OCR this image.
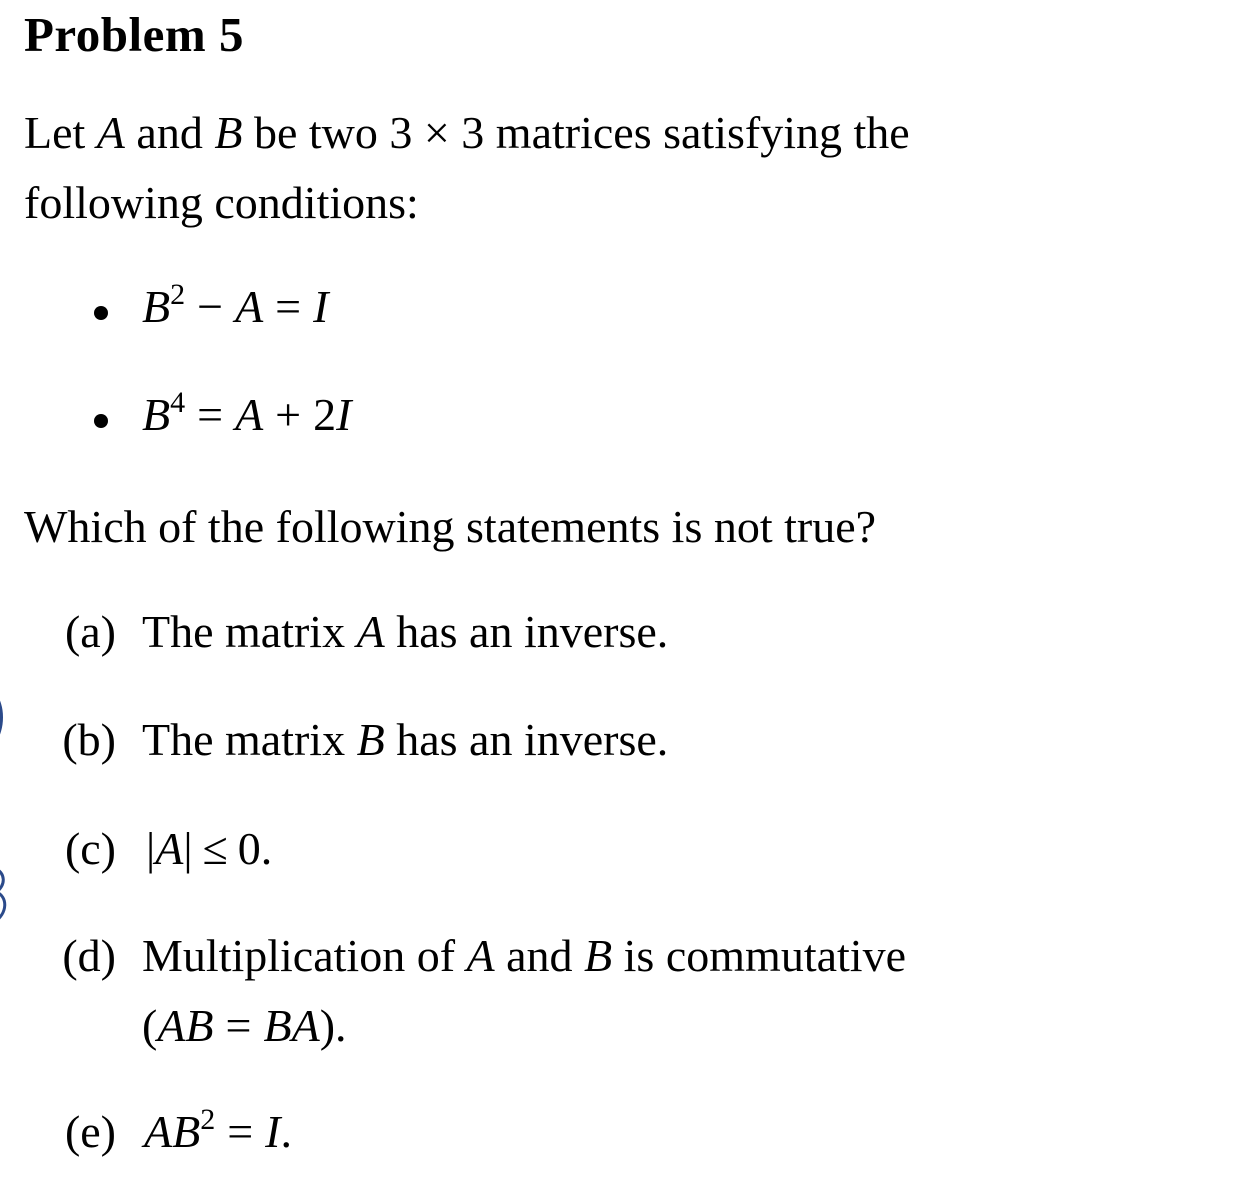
Problem 5
Let A and B be two 3 × 3 matrices satisfying the
following conditions:
$B^2 - A = I$
$B^4 = A + 2I$
Which of the following statements is not true?
(a) The matrix A has an inverse.
(b) The matrix B has an inverse.
(c) |A| ≤ 0.
(d) Multiplication of A and B is commutative
(AB = BA).
(e) $AB^2 = I$.
